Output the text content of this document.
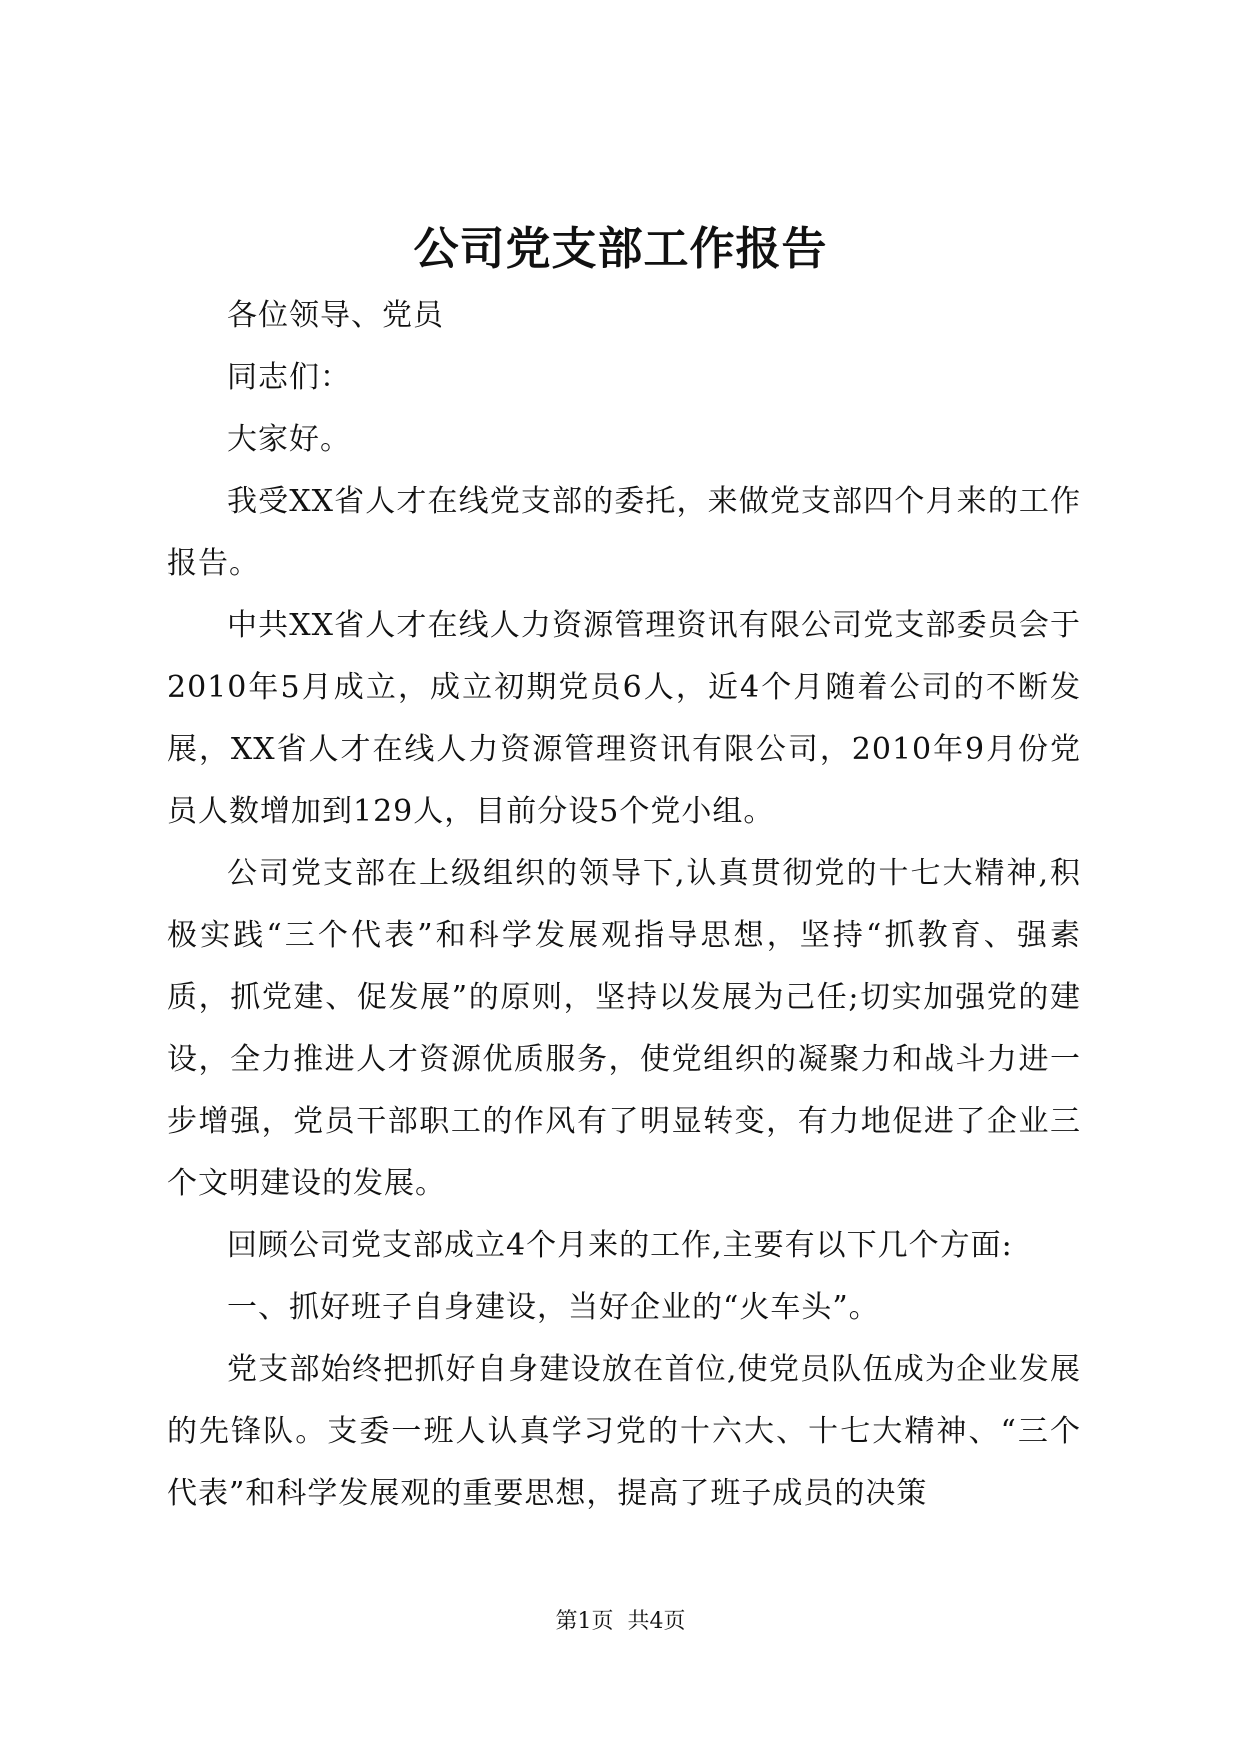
公司党支部工作报告

各位领导、党员

同志们：

大家好。

我受XX省人才在线党支部的委托，来做党支部四个月来的工作报告。

中共XX省人才在线人力资源管理资讯有限公司党支部委员会于2010年5月成立，成立初期党员6人，近4个月随着公司的不断发展，XX省人才在线人力资源管理资讯有限公司，2010年9月份党员人数增加到129人，目前分设5个党小组。

公司党支部在上级组织的领导下,认真贯彻党的十七大精神,积极实践“三个代表”和科学发展观指导思想，坚持“抓教育、强素质，抓党建、促发展”的原则，坚持以发展为己任;切实加强党的建设，全力推进人才资源优质服务，使党组织的凝聚力和战斗力进一步增强，党员干部职工的作风有了明显转变，有力地促进了企业三个文明建设的发展。

回顾公司党支部成立4个月来的工作,主要有以下几个方面:

一、抓好班子自身建设，当好企业的“火车头”。

党支部始终把抓好自身建设放在首位,使党员队伍成为企业发展的先锋队。支委一班人认真学习党的十六大、十七大精神、“三个代表”和科学发展观的重要思想，提高了班子成员的决策

第1页 共4页
